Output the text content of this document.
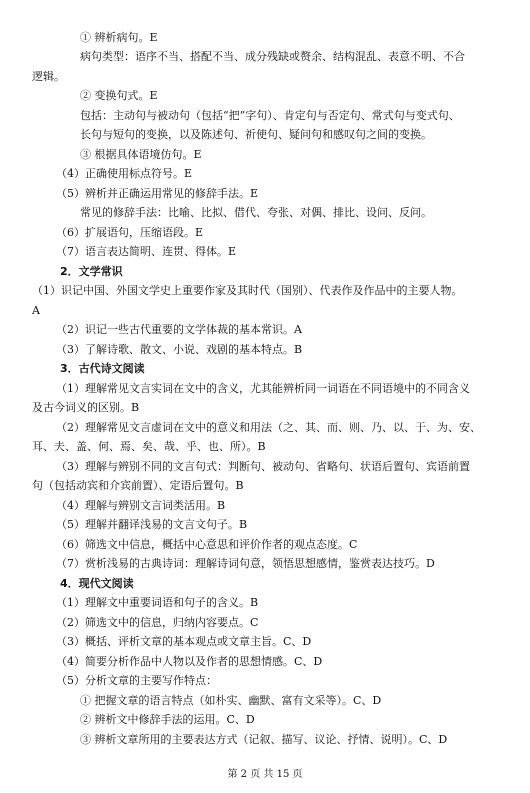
① 辨析病句。E
病句类型：语序不当、搭配不当、成分残缺或赘余、结构混乱、表意不明、不合
逻辑。
② 变换句式。E
包括：主动句与被动句（包括“把”字句）、肯定句与否定句、常式句与变式句、
长句与短句的变换，以及陈述句、祈使句、疑问句和感叹句之间的变换。
③ 根据具体语境仿句。E
（4）正确使用标点符号。E
（5）辨析并正确运用常见的修辞手法。E
常见的修辞手法：比喻、比拟、借代、夸张、对偶、排比、设问、反问。
（6）扩展语句，压缩语段。E
（7）语言表达简明、连贯、得体。E
2．文学常识
（1）识记中国、外国文学史上重要作家及其时代（国别）、代表作及作品中的主要人物。
A
（2）识记一些古代重要的文学体裁的基本常识。A
（3）了解诗歌、散文、小说、戏剧的基本特点。B
3．古代诗文阅读
（1）理解常见文言实词在文中的含义，尤其能辨析同一词语在不同语境中的不同含义
及古今词义的区别。B
（2）理解常见文言虚词在文中的意义和用法（之、其、而、则、乃、以、于、为、安、
耳、夫、盖、何、焉、矣、哉、乎、也、所）。B
（3）理解与辨别不同的文言句式：判断句、被动句、省略句、状语后置句、宾语前置
句（包括动宾和介宾前置）、定语后置句。B
（4）理解与辨别文言词类活用。B
（5）理解并翻译浅易的文言文句子。B
（6）筛选文中信息，概括中心意思和评价作者的观点态度。C
（7）赏析浅易的古典诗词：理解诗词句意，领悟思想感情，鉴赏表达技巧。D
4．现代文阅读
（1）理解文中重要词语和句子的含义。B
（2）筛选文中的信息，归纳内容要点。C
（3）概括、评析文章的基本观点或文章主旨。C、D
（4）简要分析作品中人物以及作者的思想情感。C、D
（5）分析文章的主要写作特点：
① 把握文章的语言特点（如朴实、幽默、富有文采等）。C、D
② 辨析文中修辞手法的运用。C、D
③ 辨析文章所用的主要表达方式（记叙、描写、议论、抒情、说明）。C、D
第 2 页 共 15 页
